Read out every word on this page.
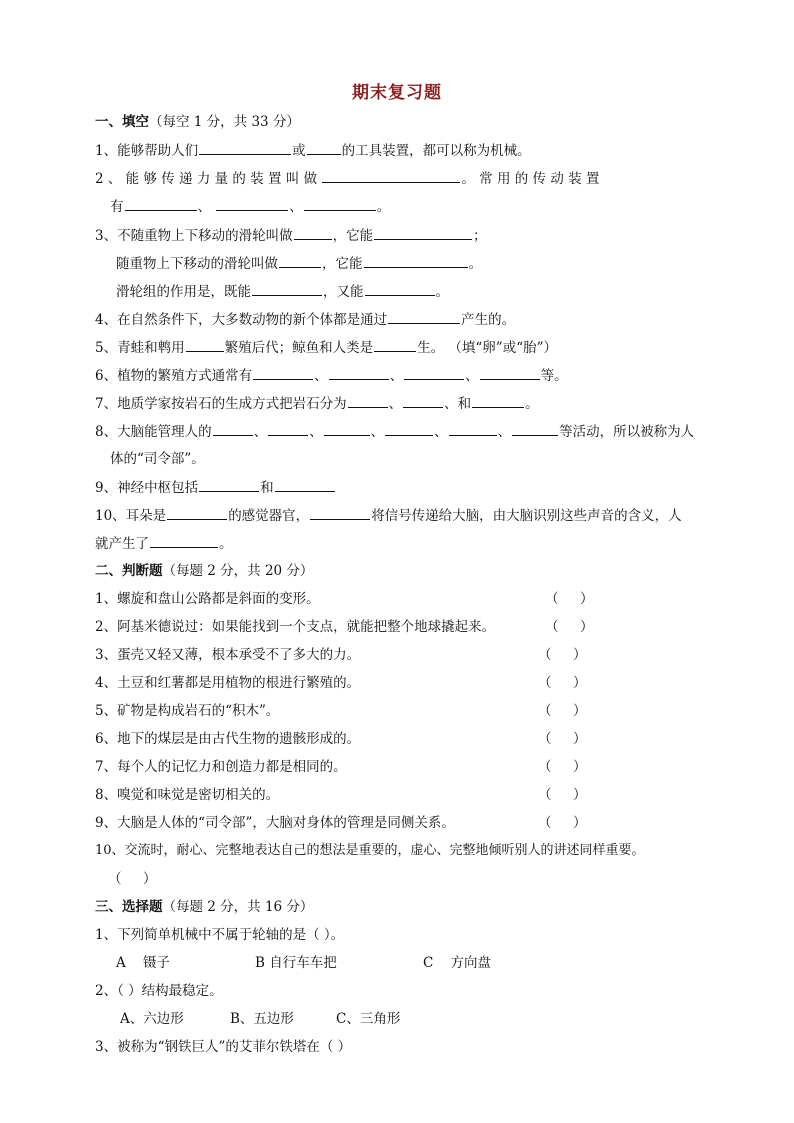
期末复习题
一、填空（每空 1 分，共 33 分）
1、能够帮助人们	或	的工具装置，都可以称为机械。
2 、 能 够 传 递 力 量 的 装 置 叫 做	。 常 用 的 传 动 装 置
有	、	、	。
3、不随重物上下移动的滑轮叫做	，它能	；
随重物上下移动的滑轮叫做	，它能	。
滑轮组的作用是，既能	，又能	。
4、在自然条件下，大多数动物的新个体都是通过	产生的。
5、青蛙和鹎用	繁殖后代；鲸鱼和人类是	生。 （填“卵”或“胎”）
6、植物的繁殖方式通常有	、	、	、	等。
7、地质学家按岩石的生成方式把岩石分为	、	、和	。
8、大脑能管理人的	、	、	、	、	、	等活动，所以被称为人
体的“司令部”。
9、神经中枢包括	和
10、耳朵是	的感觉器官，	将信号传递给大脑，由大脑识别这些声音的含义，人
就产生了	。
二、判断题（每题 2 分，共 20 分）
1、螺旋和盘山公路都是斜面的变形。	（     ）
2、阿基米德说过：如果能找到一个支点，就能把整个地球撬起来。	（     ）
3、蛋壳又轻又薄，根本承受不了多大的力。	（     ）
4、土豆和红薯都是用植物的根进行繁殖的。	（     ）
5、矿物是构成岩石的“积木”。	（     ）
6、地下的煤层是由古代生物的遗骸形成的。	（     ）
7、每个人的记忆力和创造力都是相同的。	（     ）
8、嗅觉和味觉是密切相关的。	（     ）
9、大脑是人体的“司令部”，大脑对身体的管理是同侧关系。	（     ）
10、交流时，耐心、完整地表达自己的想法是重要的，虚心、完整地倾听别人的讲述同样重要。
（     ）
三、选择题（每题 2 分，共 16 分）
1、下列简单机械中不属于轮轴的是（ ）。
A    镊子	B 自行车车把	C    方向盘
2、（ ）结构最稳定。
A、六边形	B、五边形	C、三角形
3、被称为“钢铁巨人”的艾菲尔铁塔在（ ）
